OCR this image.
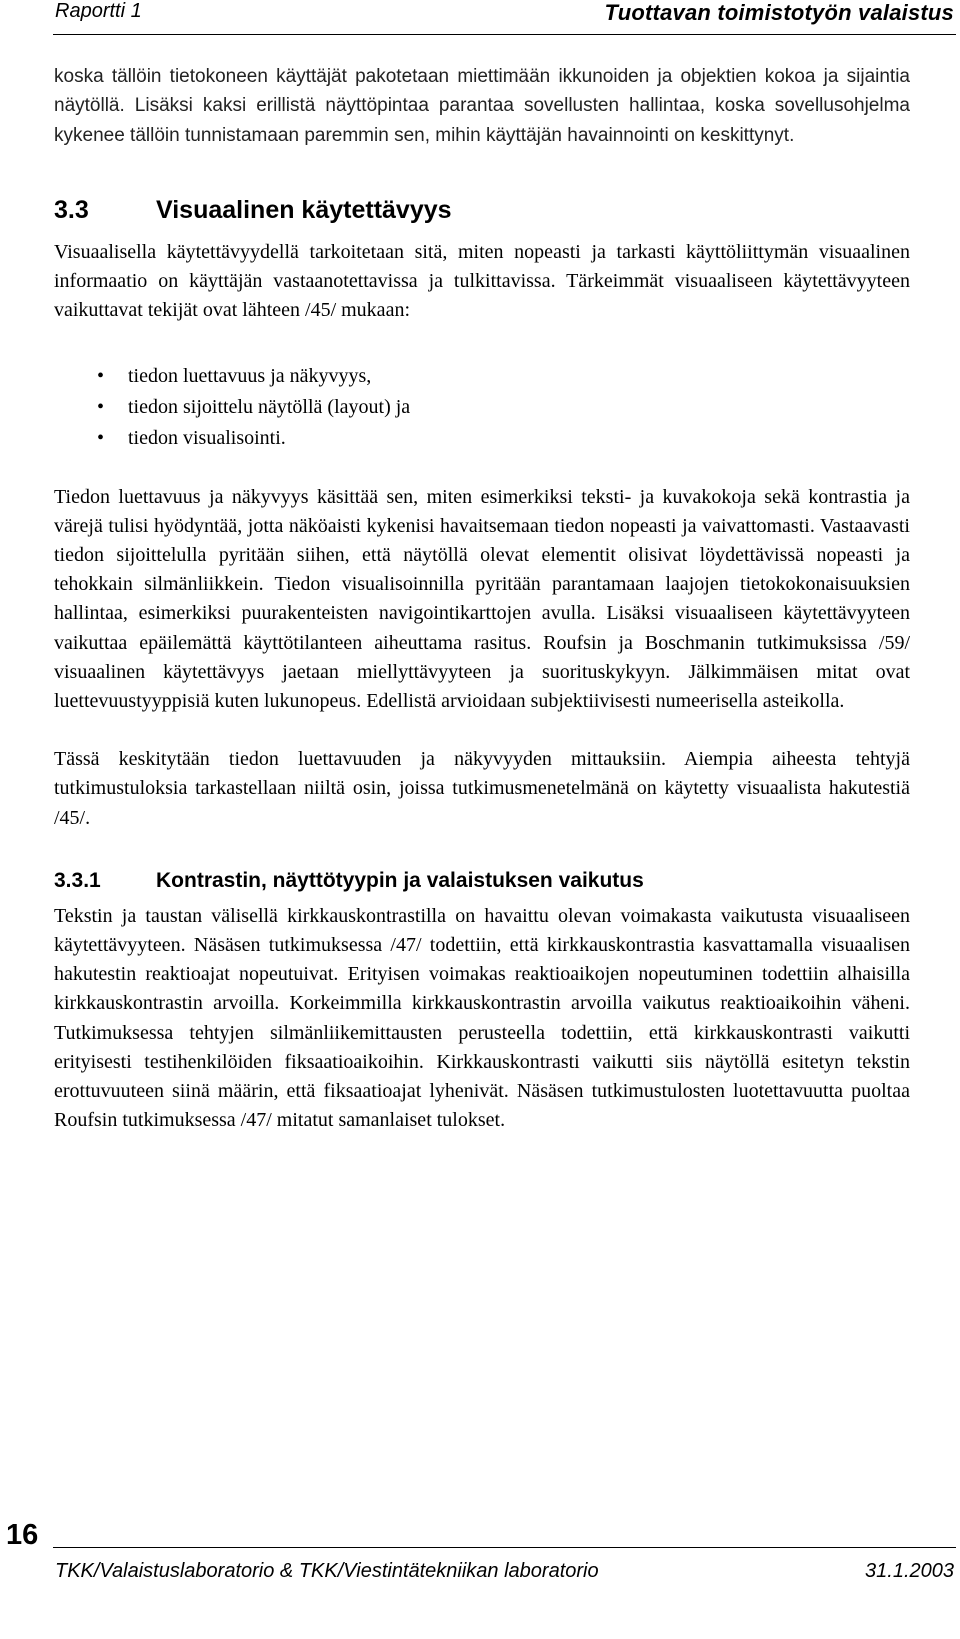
Raportti 1	Tuottavan toimistotyön valaistus

koska tällöin tietokoneen käyttäjät pakotetaan miettimään ikkunoiden ja objektien kokoa ja sijaintia näytöllä. Lisäksi kaksi erillistä näyttöpintaa parantaa sovellusten hallintaa, koska sovellusohjelma kykenee tällöin tunnistamaan paremmin sen, mihin käyttäjän havainnointi on keskittynyt.

3.3	Visuaalinen käytettävyys

Visuaalisella käytettävyydellä tarkoitetaan sitä, miten nopeasti ja tarkasti käyttöliittymän visuaalinen informaatio on käyttäjän vastaanotettavissa ja tulkittavissa. Tärkeimmät visuaaliseen käytettävyyteen vaikuttavat tekijät ovat lähteen /45/ mukaan:

• tiedon luettavuus ja näkyvyys,
• tiedon sijoittelu näytöllä (layout) ja
• tiedon visualisointi.

Tiedon luettavuus ja näkyvyys käsittää sen, miten esimerkiksi teksti- ja kuvakokoja sekä kontrastia ja värejä tulisi hyödyntää, jotta näköaisti kykenisi havaitsemaan tiedon nopeasti ja vaivattomasti. Vastaavasti tiedon sijoittelulla pyritään siihen, että näytöllä olevat elementit olisivat löydettävissä nopeasti ja tehokkain silmänliikkein. Tiedon visualisoinnilla pyritään parantamaan laajojen tietokokonaisuuksien hallintaa, esimerkiksi puurakenteisten navigointikarttojen avulla. Lisäksi visuaaliseen käytettävyyteen vaikuttaa epäilemättä käyttötilanteen aiheuttama rasitus. Roufsin ja Boschmanin tutkimuksissa /59/ visuaalinen käytettävyys jaetaan miellyttävyyteen ja suorituskykyyn. Jälkimmäisen mitat ovat luettevuustyyppisiä kuten lukunopeus. Edellistä arvioidaan subjektiivisesti numeerisella asteikolla.

Tässä keskitytään tiedon luettavuuden ja näkyvyyden mittauksiin. Aiempia aiheesta tehtyjä tutkimustuloksia tarkastellaan niiltä osin, joissa tutkimusmenetelmänä on käytetty visuaalista hakutestiä /45/.

3.3.1	Kontrastin, näyttötyypin ja valaistuksen vaikutus

Tekstin ja taustan välisellä kirkkauskontrastilla on havaittu olevan voimakasta vaikutusta visuaaliseen käytettävyyteen. Näsäsen tutkimuksessa /47/ todettiin, että kirkkauskontrastia kasvattamalla visuaalisen hakutestin reaktioajat nopeutuivat. Erityisen voimakas reaktioaikojen nopeutuminen todettiin alhaisilla kirkkauskontrastin arvoilla. Korkeimmilla kirkkauskontrastin arvoilla vaikutus reaktioaikoihin väheni. Tutkimuksessa tehtyjen silmänliikemittausten perusteella todettiin, että kirkkauskontrasti vaikutti erityisesti testihenkilöiden fiksaatioaikoihin. Kirkkauskontrasti vaikutti siis näytöllä esitetyn tekstin erottuvuuteen siinä määrin, että fiksaatioajat lyhenivät. Näsäsen tutkimustulosten luotettavuutta puoltaa Roufsin tutkimuksessa /47/ mitatut samanlaiset tulokset.

16
TKK/Valaistuslaboratorio & TKK/Viestintätekniikan laboratorio	31.1.2003
